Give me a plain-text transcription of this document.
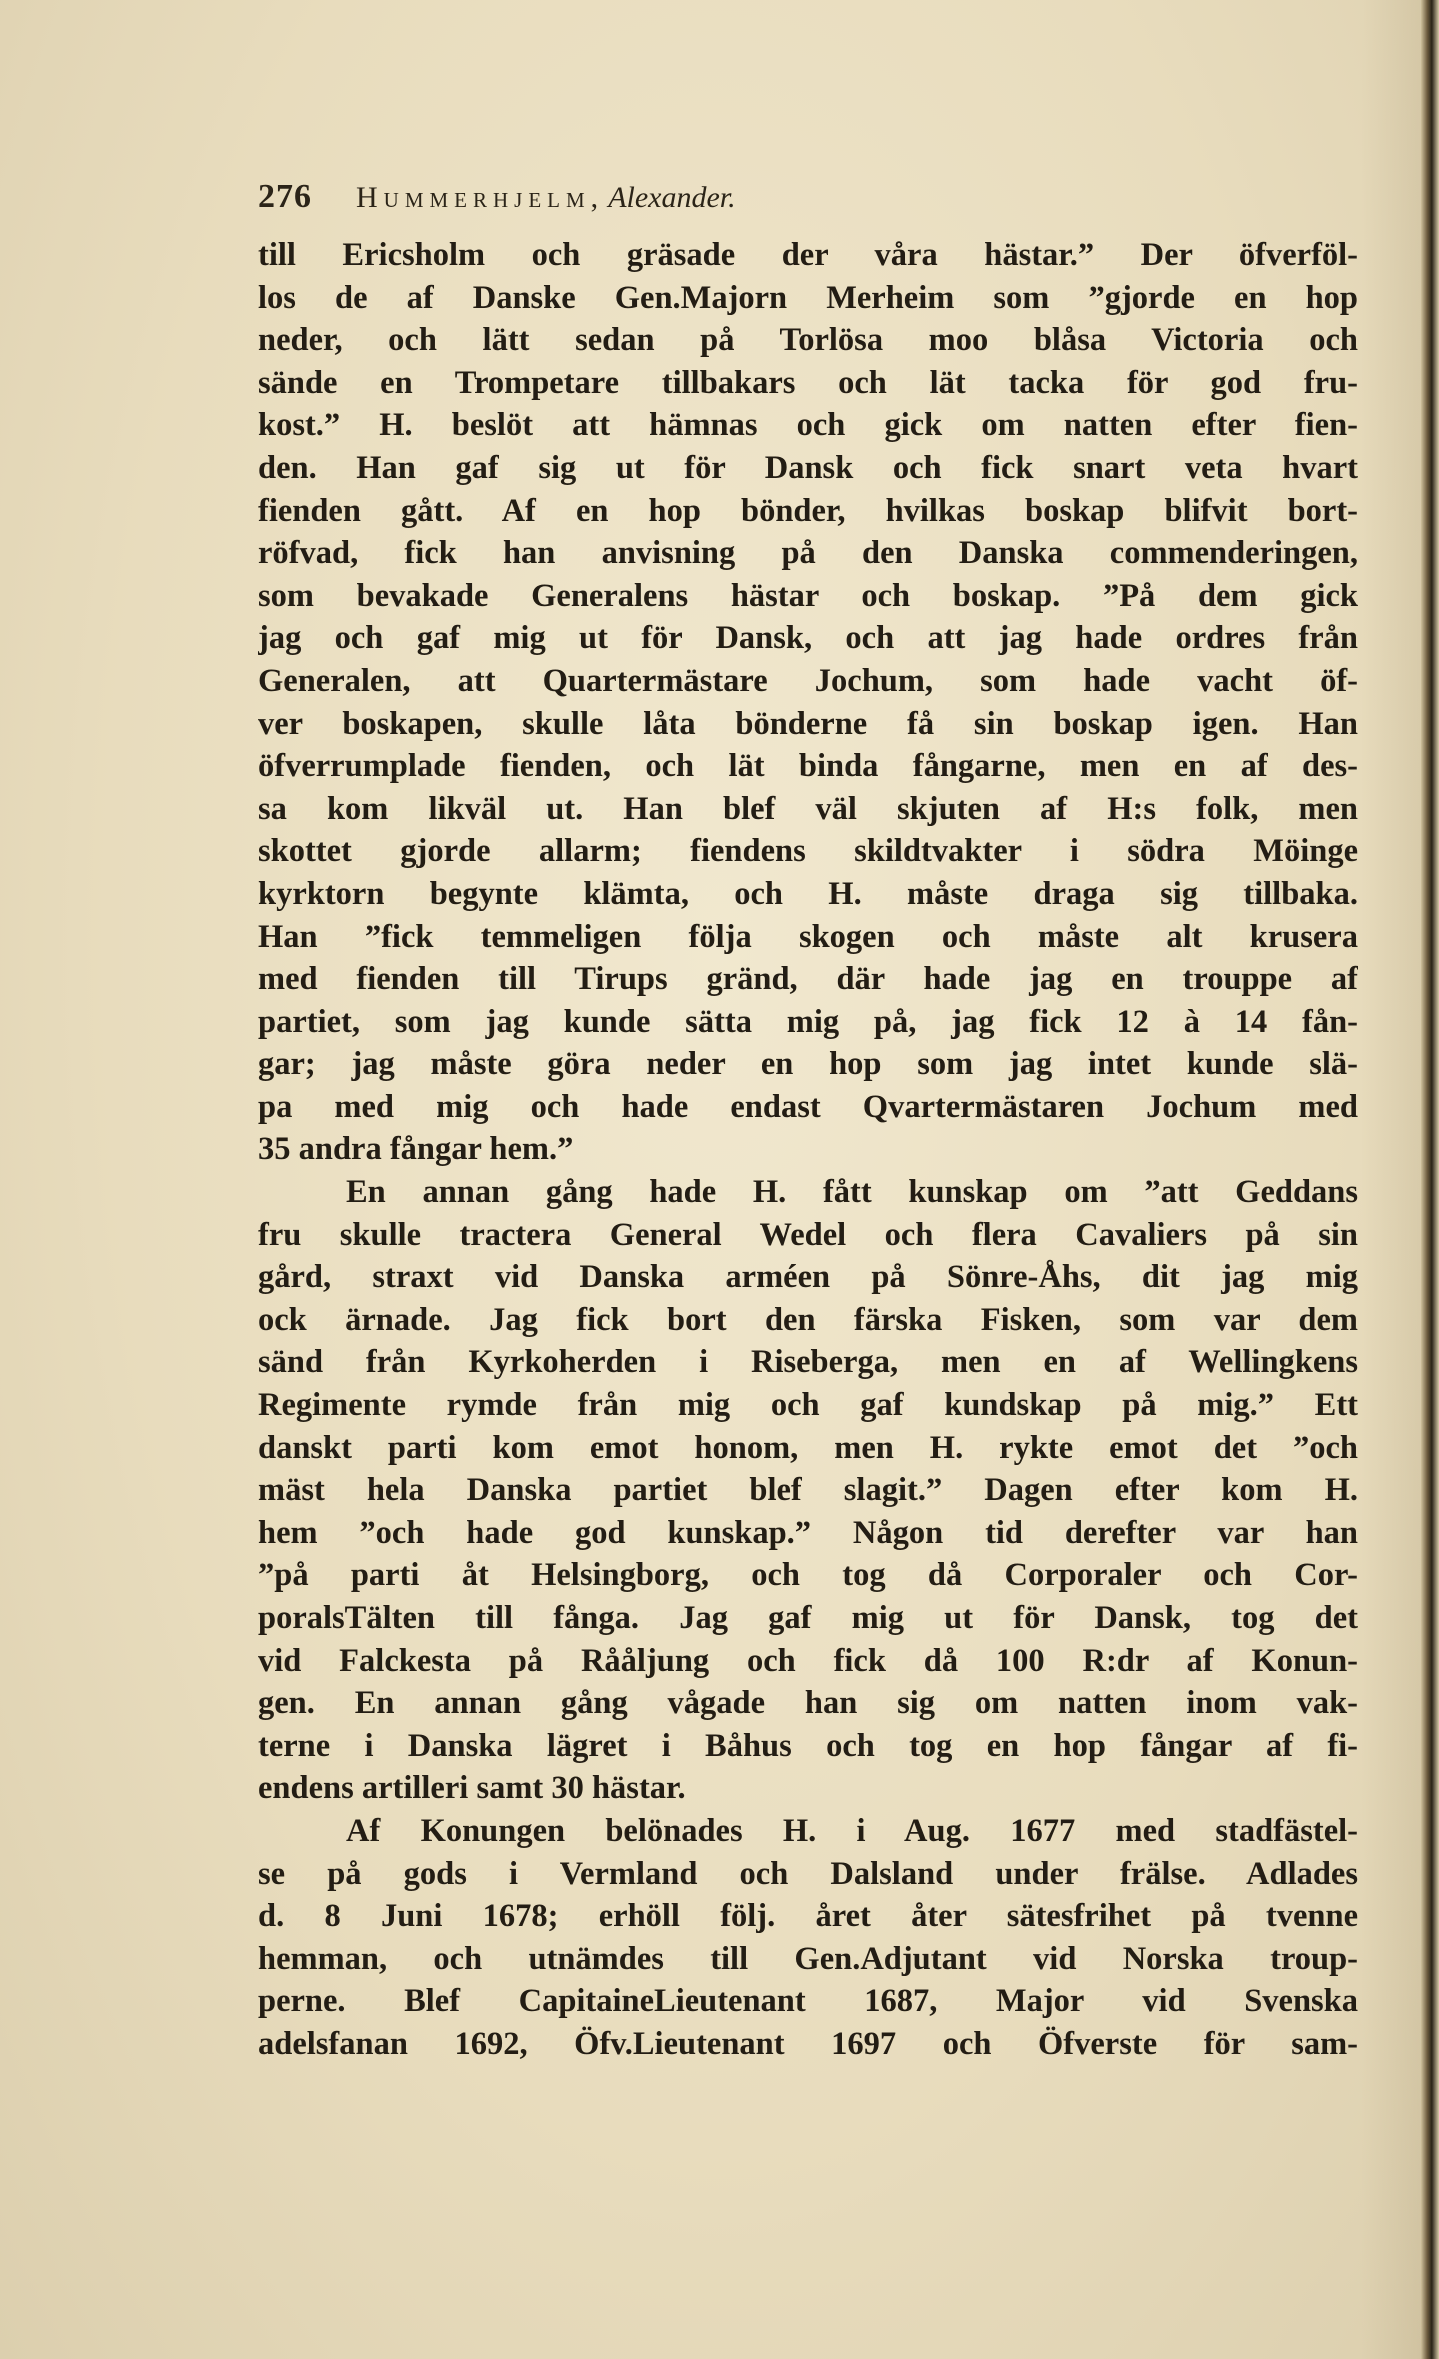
276 Hummerhjelm, Alexander.
till Ericsholm och gräsade der våra hästar.” Der öfverföl-
los de af Danske Gen.Majorn Merheim som ”gjorde en hop
neder, och lätt sedan på Torlösa moo blåsa Victoria och
sände en Trompetare tillbakars och lät tacka för god fru-
kost.” H. beslöt att hämnas och gick om natten efter fien-
den. Han gaf sig ut för Dansk och fick snart veta hvart
fienden gått. Af en hop bönder, hvilkas boskap blifvit bort-
röfvad, fick han anvisning på den Danska commenderingen,
som bevakade Generalens hästar och boskap. ”På dem gick
jag och gaf mig ut för Dansk, och att jag hade ordres från
Generalen, att Quartermästare Jochum, som hade vacht öf-
ver boskapen, skulle låta bönderne få sin boskap igen. Han
öfverrumplade fienden, och lät binda fångarne, men en af des-
sa kom likväl ut. Han blef väl skjuten af H:s folk, men
skottet gjorde allarm; fiendens skildtvakter i södra Möinge
kyrktorn begynte klämta, och H. måste draga sig tillbaka.
Han ”fick temmeligen följa skogen och måste alt krusera
med fienden till Tirups gränd, där hade jag en trouppe af
partiet, som jag kunde sätta mig på, jag fick 12 à 14 fån-
gar; jag måste göra neder en hop som jag intet kunde slä-
pa med mig och hade endast Qvartermästaren Jochum med
35 andra fångar hem.”
En annan gång hade H. fått kunskap om ”att Geddans
fru skulle tractera General Wedel och flera Cavaliers på sin
gård, straxt vid Danska arméen på Sönre-Åhs, dit jag mig
ock ärnade. Jag fick bort den färska Fisken, som var dem
sänd från Kyrkoherden i Riseberga, men en af Wellingkens
Regimente rymde från mig och gaf kundskap på mig.” Ett
danskt parti kom emot honom, men H. rykte emot det ”och
mäst hela Danska partiet blef slagit.” Dagen efter kom H.
hem ”och hade god kunskap.” Någon tid derefter var han
”på parti åt Helsingborg, och tog då Corporaler och Cor-
poralsTälten till fånga. Jag gaf mig ut för Dansk, tog det
vid Falckesta på Rååljung och fick då 100 R:dr af Konun-
gen. En annan gång vågade han sig om natten inom vak-
terne i Danska lägret i Båhus och tog en hop fångar af fi-
endens artilleri samt 30 hästar.
Af Konungen belönades H. i Aug. 1677 med stadfästel-
se på gods i Vermland och Dalsland under frälse. Adlades
d. 8 Juni 1678; erhöll följ. året åter sätesfrihet på tvenne
hemman, och utnämdes till Gen.Adjutant vid Norska troup-
perne. Blef CapitaineLieutenant 1687, Major vid Svenska
adelsfanan 1692, Öfv.Lieutenant 1697 och Öfverste för sam-
